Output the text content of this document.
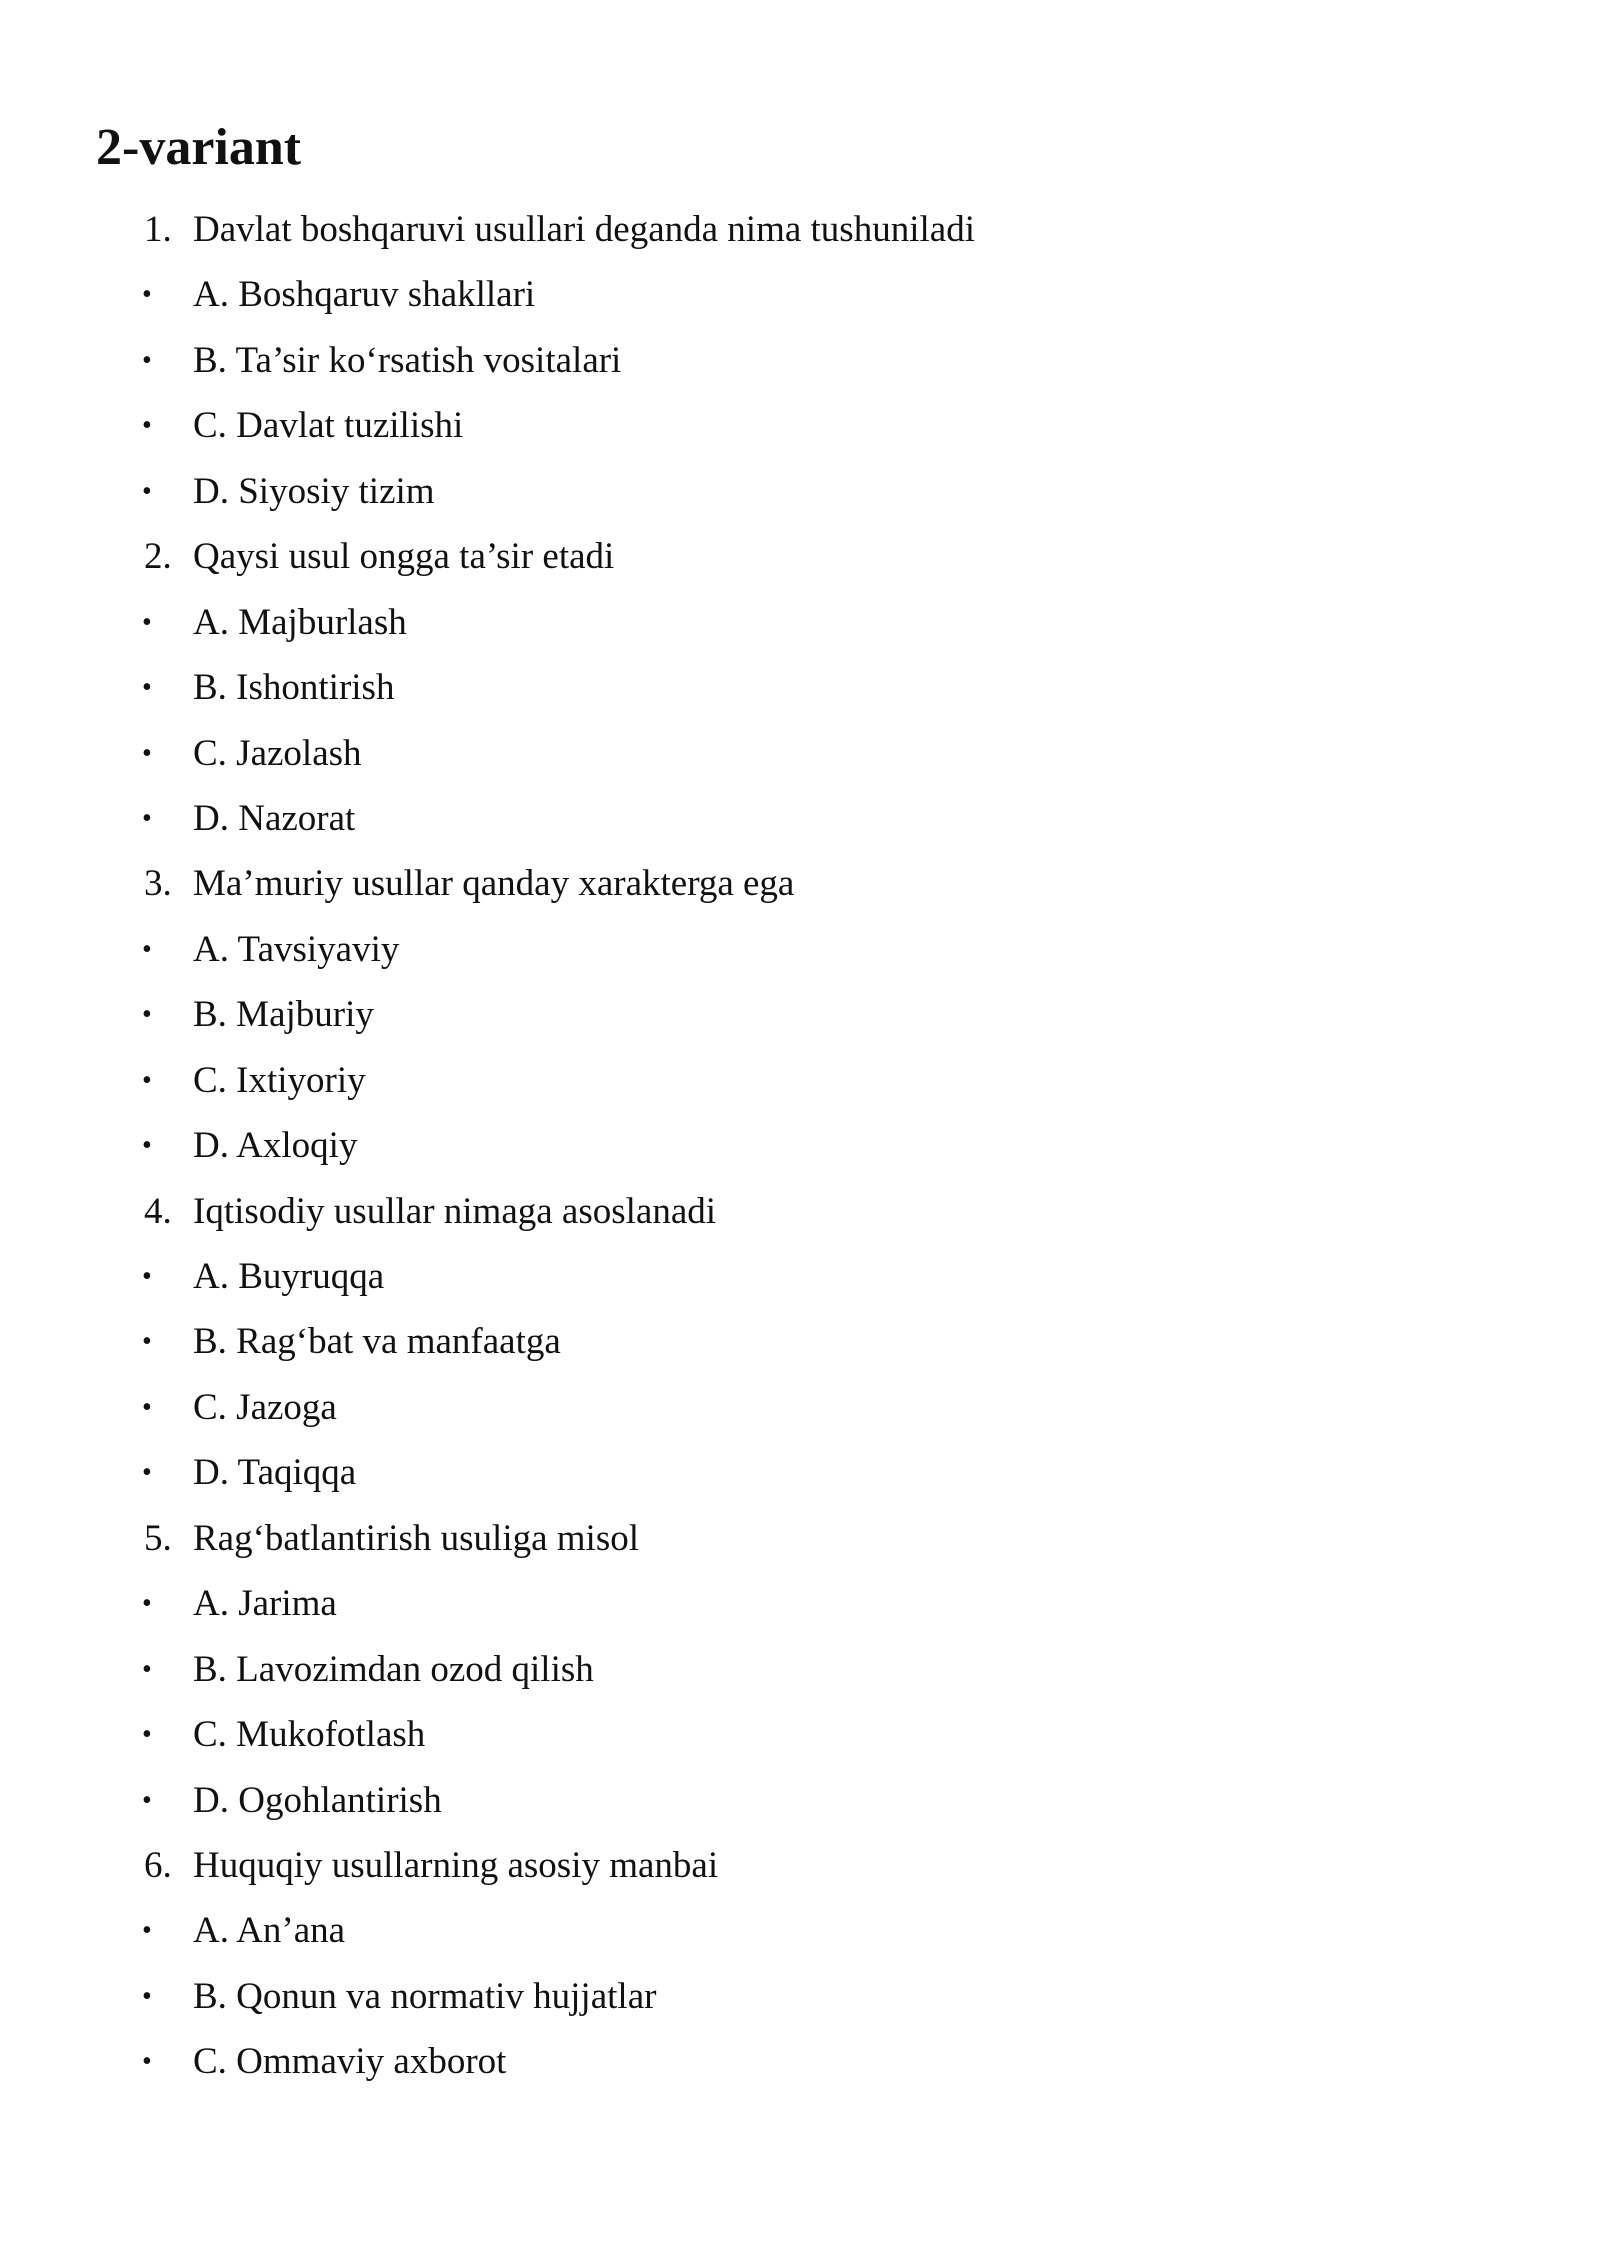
2-variant
1. Davlat boshqaruvi usullari deganda nima tushuniladi
• A. Boshqaruv shakllari
• B. Ta’sir ko‘rsatish vositalari
• C. Davlat tuzilishi
• D. Siyosiy tizim
2. Qaysi usul ongga ta’sir etadi
• A. Majburlash
• B. Ishontirish
• C. Jazolash
• D. Nazorat
3. Ma’muriy usullar qanday xarakterga ega
• A. Tavsiyaviy
• B. Majburiy
• C. Ixtiyoriy
• D. Axloqiy
4. Iqtisodiy usullar nimaga asoslanadi
• A. Buyruqqa
• B. Rag‘bat va manfaatga
• C. Jazoga
• D. Taqiqqa
5. Rag‘batlantirish usuliga misol
• A. Jarima
• B. Lavozimdan ozod qilish
• C. Mukofotlash
• D. Ogohlantirish
6. Huquqiy usullarning asosiy manbai
• A. An’ana
• B. Qonun va normativ hujjatlar
• C. Ommaviy axborot
